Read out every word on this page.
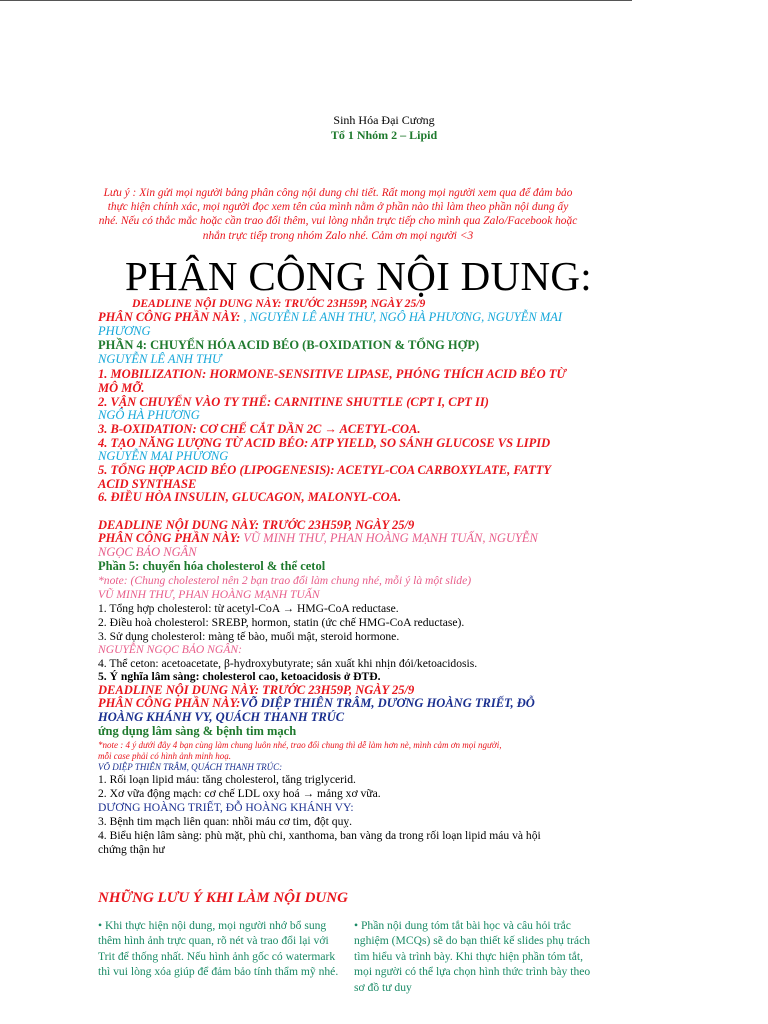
Sinh Hóa Đại Cương
Tổ 1 Nhóm 2 – Lipid
Lưu ý : Xin gửi mọi người bảng phân công nội dung chi tiết. Rất mong mọi người xem qua để đảm bảo thực hiện chính xác, mọi người đọc xem tên của mình nằm ở phần nào thì làm theo phần nội dung ấy nhé. Nếu có thắc mắc hoặc cần trao đổi thêm, vui lòng nhắn trực tiếp cho mình qua Zalo/Facebook hoặc nhắn trực tiếp trong nhóm Zalo nhé. Cảm ơn mọi người <3
PHÂN CÔNG NỘI DUNG:
DEADLINE NỘI DUNG NÀY: TRƯỚC 23H59P, NGÀY 25/9
PHÂN CÔNG PHẦN NÀY: , NGUYỄN LÊ ANH THƯ, NGÔ HÀ PHƯƠNG, NGUYỄN MAI
PHƯƠNG
PHẦN 4: CHUYỂN HÓA ACID BÉO (B-OXIDATION & TỔNG HỢP)
NGUYỄN LÊ ANH THƯ
1. MOBILIZATION: HORMONE-SENSITIVE LIPASE, PHÓNG THÍCH ACID BÉO TỪ
MÔ MỠ.
2. VẬN CHUYỂN VÀO TY THỂ: CARNITINE SHUTTLE (CPT I, CPT II)
NGÔ HÀ PHƯƠNG
3. B-OXIDATION: CƠ CHẾ CẮT DẦN 2C → ACETYL-COA.
4. TẠO NĂNG LƯỢNG TỪ ACID BÉO: ATP YIELD, SO SÁNH GLUCOSE VS LIPID
NGUYỄN MAI PHƯƠNG
5. TỔNG HỢP ACID BÉO (LIPOGENESIS): ACETYL-COA CARBOXYLATE, FATTY
ACID SYNTHASE
6. ĐIỀU HÒA INSULIN, GLUCAGON, MALONYL-COA.
DEADLINE NỘI DUNG NÀY: TRƯỚC 23H59P, NGÀY 25/9
PHÂN CÔNG PHẦN NÀY: VŨ MINH THƯ, PHAN HOÀNG MẠNH TUẤN, NGUYỄN
NGỌC BẢO NGÂN
Phần 5: chuyển hóa cholesterol & thể cetol
*note: (Chung cholesterol nên 2 bạn trao đổi làm chung nhé, mỗi ý là một slide)
VŨ MINH THƯ, PHAN HOÀNG MẠNH TUẤN
1. Tổng hợp cholesterol: từ acetyl-CoA → HMG-CoA reductase.
2. Điều hoà cholesterol: SREBP, hormon, statin (ức chế HMG-CoA reductase).
3. Sử dụng cholesterol: màng tế bào, muối mật, steroid hormone.
NGUYỄN NGỌC BẢO NGÂN:
4. Thể ceton: acetoacetate, β-hydroxybutyrate; sản xuất khi nhịn đói/ketoacidosis.
5. Ý nghĩa lâm sàng: cholesterol cao, ketoacidosis ở ĐTĐ.
DEADLINE NỘI DUNG NÀY: TRƯỚC 23H59P, NGÀY 25/9
PHÂN CÔNG PHẦN NÀY:VÕ DIỆP THIÊN TRÂM, DƯƠNG HOÀNG TRIẾT, ĐỖ
HOÀNG KHÁNH VY, QUÁCH THANH TRÚC
ứng dụng lâm sàng & bệnh tim mạch
*note : 4 ý dưới đây 4 bạn cùng làm chung luôn nhé, trao đổi chung thì dễ làm hơn nè, mình cảm ơn mọi người,
mỗi case phải có hình ảnh minh hoạ.
VÕ DIỆP THIÊN TRÂM, QUÁCH THANH TRÚC:
1. Rối loạn lipid máu: tăng cholesterol, tăng triglycerid.
2. Xơ vữa động mạch: cơ chế LDL oxy hoá → mảng xơ vữa.
DƯƠNG HOÀNG TRIẾT, ĐỖ HOÀNG KHÁNH VY:
3. Bệnh tim mạch liên quan: nhồi máu cơ tim, đột quỵ.
4. Biểu hiện lâm sàng: phù mặt, phù chi, xanthoma, ban vàng da trong rối loạn lipid máu và hội
chứng thận hư
NHỮNG LƯU Ý KHI LÀM NỘI DUNG
• Khi thực hiện nội dung, mọi người nhớ bổ sung thêm hình ảnh trực quan, rõ nét và trao đổi lại với Trit để thống nhất. Nếu hình ảnh gốc có watermark thì vui lòng xóa giúp để đảm bảo tính thẩm mỹ nhé.
• Phần nội dung tóm tắt bài học và câu hỏi trắc nghiệm (MCQs) sẽ do bạn thiết kế slides phụ trách tìm hiểu và trình bày. Khi thực hiện phần tóm tắt, mọi người có thể lựa chọn hình thức trình bày theo sơ đồ tư duy
